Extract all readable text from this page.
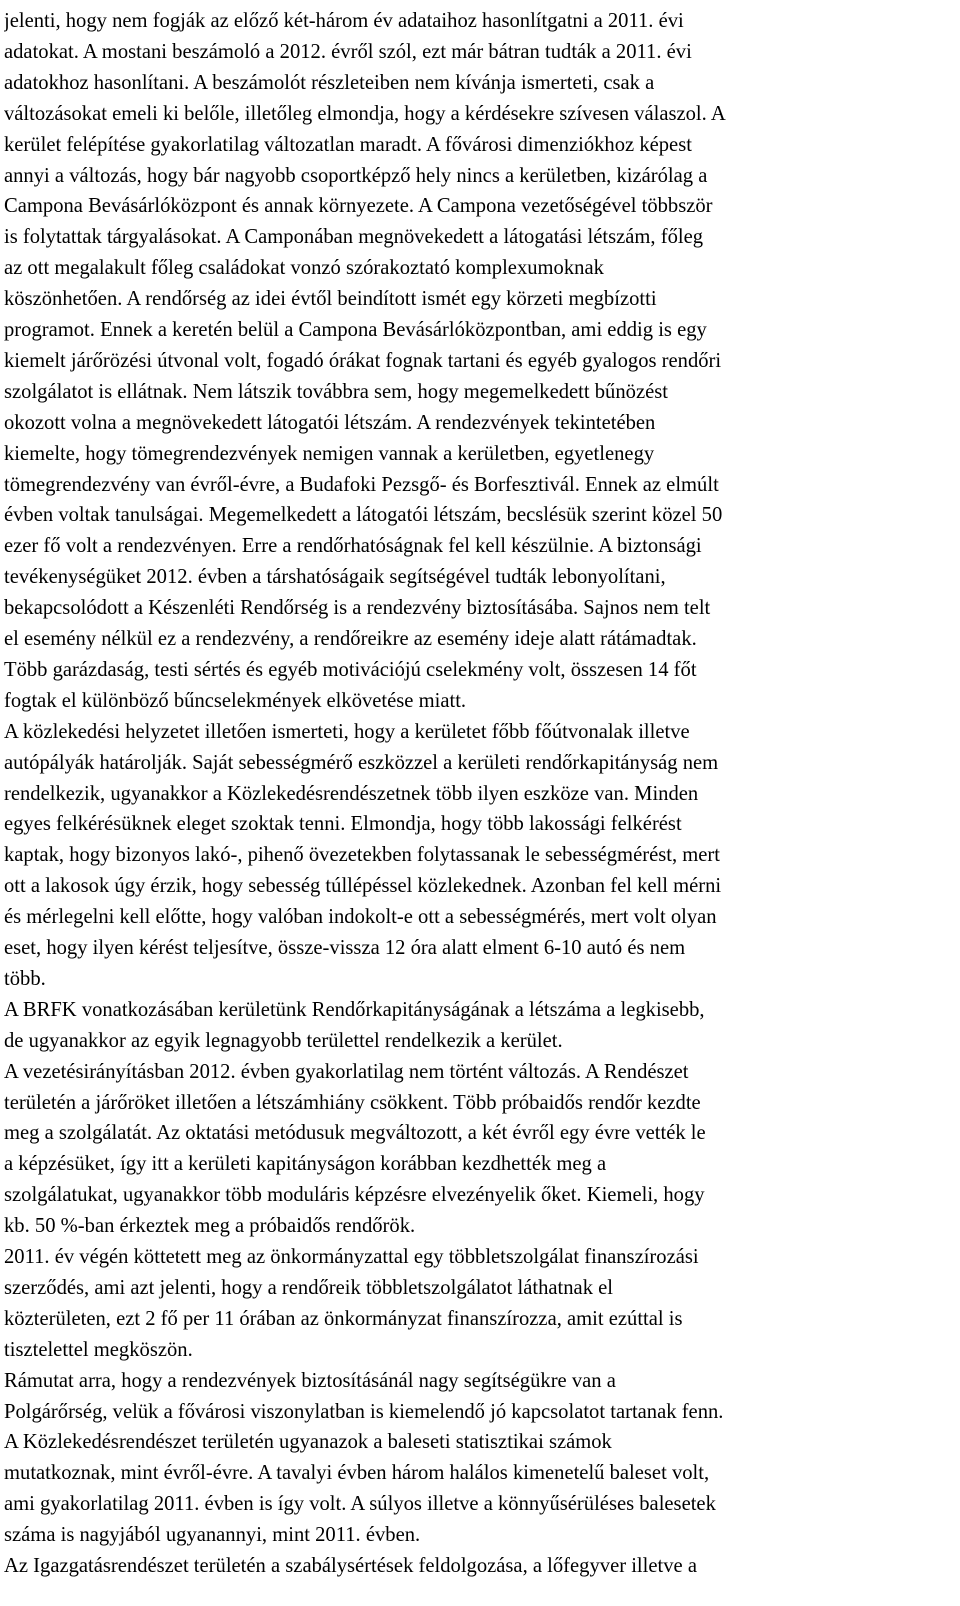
jelenti, hogy nem fogják az előző két-három év adataihoz hasonlítgatni a 2011. évi
adatokat. A mostani beszámoló a 2012. évről szól, ezt már bátran tudták a 2011. évi
adatokhoz hasonlítani. A beszámolót részleteiben nem kívánja ismerteti, csak a
változásokat emeli ki belőle, illetőleg elmondja, hogy a kérdésekre szívesen válaszol. A
kerület felépítése gyakorlatilag változatlan maradt. A fővárosi dimenziókhoz képest
annyi a változás, hogy bár nagyobb csoportképző hely nincs a kerületben, kizárólag a
Campona Bevásárlóközpont és annak környezete. A Campona vezetőségével többször
is folytattak tárgyalásokat. A Camponában megnövekedett a látogatási létszám, főleg
az ott megalakult főleg családokat vonzó szórakoztató komplexumoknak
köszönhetően. A rendőrség az idei évtől beindított ismét egy körzeti megbízotti
programot. Ennek a keretén belül a Campona Bevásárlóközpontban, ami eddig is egy
kiemelt járőrözési útvonal volt, fogadó órákat fognak tartani és egyéb gyalogos rendőri
szolgálatot is ellátnak. Nem látszik továbbra sem, hogy megemelkedett bűnözést
okozott volna a megnövekedett látogatói létszám. A rendezvények tekintetében
kiemelte, hogy tömegrendezvények nemigen vannak a kerületben, egyetlenegy
tömegrendezvény van évről-évre, a Budafoki Pezsgő- és Borfesztivál. Ennek az elmúlt
évben voltak tanulságai. Megemelkedett a látogatói létszám, becslésük szerint közel 50
ezer fő volt a rendezvényen. Erre a rendőrhatóságnak fel kell készülnie. A biztonsági
tevékenységüket 2012. évben a társhatóságaik segítségével tudták lebonyolítani,
bekapcsolódott a Készenléti Rendőrség is a rendezvény biztosításába. Sajnos nem telt
el esemény nélkül ez a rendezvény, a rendőreikre az esemény ideje alatt rátámadtak.
Több garázdaság, testi sértés és egyéb motivációjú cselekmény volt, összesen 14 főt
fogtak el különböző bűncselekmények elkövetése miatt.
A közlekedési helyzetet illetően ismerteti, hogy a kerületet főbb főútvonalak illetve
autópályák határolják. Saját sebességmérő eszközzel a kerületi rendőrkapitányság nem
rendelkezik, ugyanakkor a Közlekedésrendészetnek több ilyen eszköze van. Minden
egyes felkérésüknek eleget szoktak tenni. Elmondja, hogy több lakossági felkérést
kaptak, hogy bizonyos lakó-, pihenő övezetekben folytassanak le sebességmérést, mert
ott a lakosok úgy érzik, hogy sebesség túllépéssel közlekednek. Azonban fel kell mérni
és mérlegelni kell előtte, hogy valóban indokolt-e ott a sebességmérés, mert volt olyan
eset, hogy ilyen kérést teljesítve, össze-vissza 12 óra alatt elment 6-10 autó és nem
több.
A BRFK vonatkozásában kerületünk Rendőrkapitányságának a létszáma a legkisebb,
de ugyanakkor az egyik legnagyobb területtel rendelkezik a kerület.
A vezetésirányításban 2012. évben gyakorlatilag nem történt változás. A Rendészet
területén a járőröket illetően a létszámhiány csökkent. Több próbaidős rendőr kezdte
meg a szolgálatát. Az oktatási metódusuk megváltozott, a két évről egy évre vették le
a képzésüket, így itt a kerületi kapitányságon korábban kezdhették meg a
szolgálatukat, ugyanakkor több moduláris képzésre elvezényelik őket. Kiemeli, hogy
kb. 50 %-ban érkeztek meg a próbaidős rendőrök.
2011. év végén köttetett meg az önkormányzattal egy többletszolgálat finanszírozási
szerződés, ami azt jelenti, hogy a rendőreik többletszolgálatot láthatnak el
közterületen, ezt 2 fő per 11 órában az önkormányzat finanszírozza, amit ezúttal is
tisztelettel megköszön.
Rámutat arra, hogy a rendezvények biztosításánál nagy segítségükre van a
Polgárőrség, velük a fővárosi viszonylatban is kiemelendő jó kapcsolatot tartanak fenn.
A Közlekedésrendészet területén ugyanazok a baleseti statisztikai számok
mutatkoznak, mint évről-évre. A tavalyi évben három halálos kimenetelű baleset volt,
ami gyakorlatilag 2011. évben is így volt. A súlyos illetve a könnyűsérüléses balesetek
száma is nagyjából ugyanannyi, mint 2011. évben.
Az Igazgatásrendészet területén a szabálysértések feldolgozása, a lőfegyver illetve a
